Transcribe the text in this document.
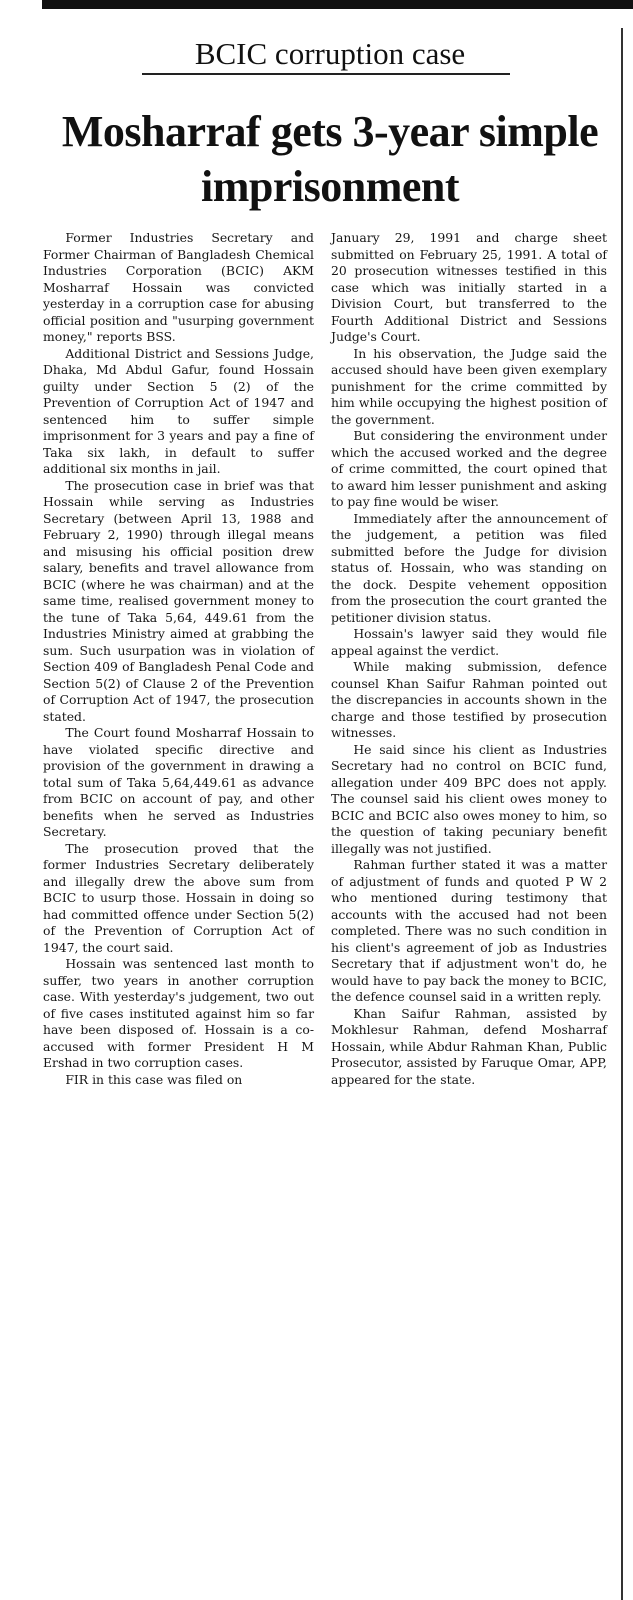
BCIC corruption case
Mosharraf gets 3-year simple imprisonment

Former Industries Secretary and Former Chairman of Bangladesh Chemical Industries Corporation (BCIC) AKM Mosharraf Hossain was convicted yesterday in a corruption case for abusing official position and "usurping government money," reports BSS.

Additional District and Sessions Judge, Dhaka, Md Abdul Gafur, found Hossain guilty under Section 5 (2) of the Prevention of Corruption Act of 1947 and sentenced him to suffer simple imprisonment for 3 years and pay a fine of Taka six lakh, in default to suffer additional six months in jail.

The prosecution case in brief was that Hossain while serving as Industries Secretary (between April 13, 1988 and February 2, 1990) through illegal means and misusing his official position drew salary, benefits and travel allowance from BCIC (where he was chairman) and at the same time, realised government money to the tune of Taka 5,64, 449.61 from the Industries Ministry aimed at grabbing the sum. Such usurpation was in violation of Section 409 of Bangladesh Penal Code and Section 5(2) of Clause 2 of the Prevention of Corruption Act of 1947, the prosecution stated.

The Court found Mosharraf Hossain to have violated specific directive and provision of the government in drawing a total sum of Taka 5,64,449.61 as advance from BCIC on account of pay, and other benefits when he served as Industries Secretary.

The prosecution proved that the former Industries Secretary deliberately and illegally drew the above sum from BCIC to usurp those. Hossain in doing so had committed offence under Section 5(2) of the Prevention of Corruption Act of 1947, the court said.

Hossain was sentenced last month to suffer, two years in another corruption case. With yesterday's judgement, two out of five cases instituted against him so far have been disposed of. Hossain is a co-accused with former President H M Ershad in two corruption cases.

FIR in this case was filed on

January 29, 1991 and charge sheet submitted on February 25, 1991. A total of 20 prosecution witnesses testified in this case which was initially started in a Division Court, but transferred to the Fourth Additional District and Sessions Judge's Court.

In his observation, the Judge said the accused should have been given exemplary punishment for the crime committed by him while occupying the highest position of the government.

But considering the environment under which the accused worked and the degree of crime committed, the court opined that to award him lesser punishment and asking to pay fine would be wiser.

Immediately after the announcement of the judgement, a petition was filed submitted before the Judge for division status of. Hossain, who was standing on the dock. Despite vehement opposition from the prosecution the court granted the petitioner division status.

Hossain's lawyer said they would file appeal against the verdict.

While making submission, defence counsel Khan Saifur Rahman pointed out the discrepancies in accounts shown in the charge and those testified by prosecution witnesses.

He said since his client as Industries Secretary had no control on BCIC fund, allegation under 409 BPC does not apply. The counsel said his client owes money to BCIC and BCIC also owes money to him, so the question of taking pecuniary benefit illegally was not justified.

Rahman further stated it was a matter of adjustment of funds and quoted P W 2 who mentioned during testimony that accounts with the accused had not been completed. There was no such condition in his client's agreement of job as Industries Secretary that if adjustment won't do, he would have to pay back the money to BCIC, the defence counsel said in a written reply.

Khan Saifur Rahman, assisted by Mokhlesur Rahman, defend Mosharraf Hossain, while Abdur Rahman Khan, Public Prosecutor, assisted by Faruque Omar, APP, appeared for the state.
